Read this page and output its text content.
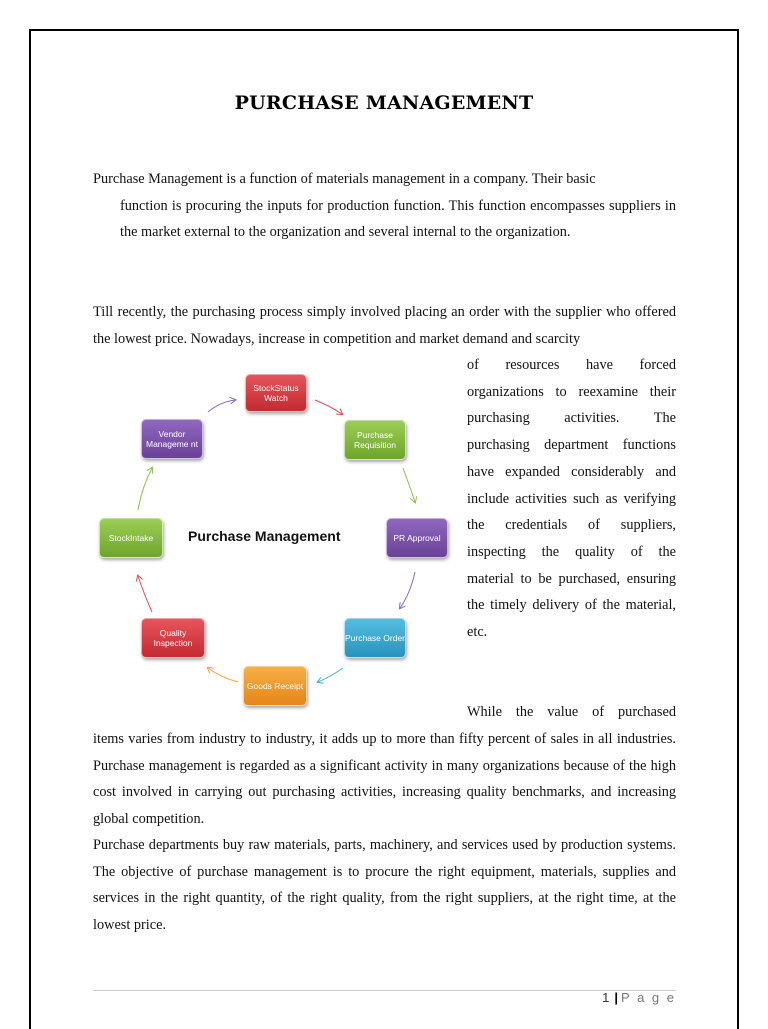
PURCHASE MANAGEMENT
Purchase Management is a function of materials management in a company. Their basic
function is procuring the inputs for production function. This function encompasses suppliers in the market external to the organization and several internal to the organization.
Till recently, the purchasing process simply involved placing an order with the supplier who offered the lowest price. Nowadays, increase in competition and market demand and scarcity
of resources have forced organizations to reexamine their purchasing activities. The purchasing department functions have expanded considerably and include activities such as verifying the credentials of suppliers, inspecting the quality of the material to be purchased, ensuring the timely delivery of the material, etc.
StockStatus Watch
Purchase Requisition
PR Approval
Purchase Order
Goods Receipt
Quality Inspection
StockIntake
Vendor Manageme nt
Purchase Management
While the value of purchased
items varies from industry to industry, it adds up to more than fifty percent of sales in all industries. Purchase management is regarded as a significant activity in many organizations because of the high cost involved in carrying out purchasing activities, increasing quality benchmarks, and increasing global competition.
Purchase departments buy raw materials, parts, machinery, and services used by production systems. The objective of purchase management is to procure the right equipment, materials, supplies and services in the right quantity, of the right quality, from the right suppliers, at the right time, at the lowest price.
1 | P a g e
